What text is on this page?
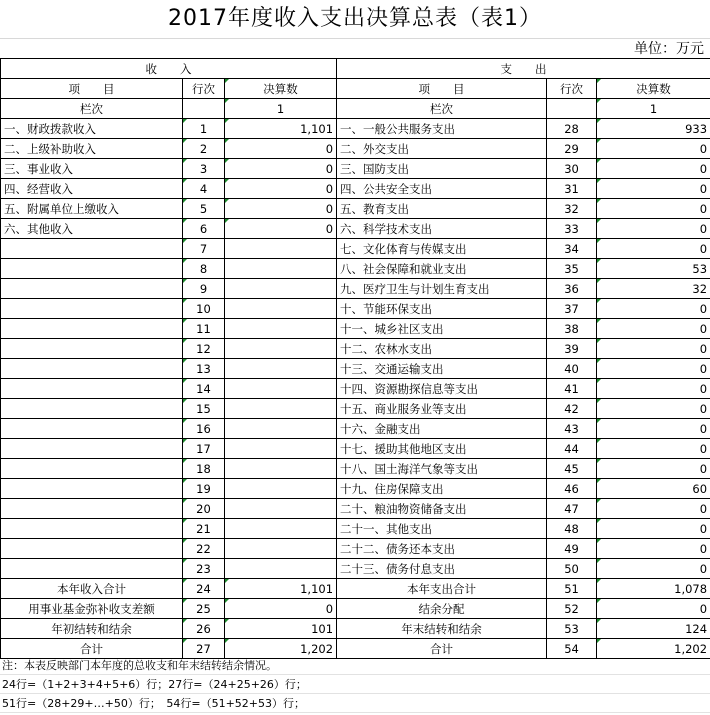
2017年度收入支出决算总表（表1）
单位：万元
收　　入			支　　出		
项　　目	行次	决算数	项　　目	行次	决算数
栏次		1	栏次		1
一、财政拨款收入	1	1,101	一、一般公共服务支出	28	933
二、上级补助收入	2	0	二、外交支出	29	0
三、事业收入	3	0	三、国防支出	30	0
四、经营收入	4	0	四、公共安全支出	31	0
五、附属单位上缴收入	5	0	五、教育支出	32	0
六、其他收入	6	0	六、科学技术支出	33	0
	7		七、文化体育与传媒支出	34	0
	8		八、社会保障和就业支出	35	53
	9		九、医疗卫生与计划生育支出	36	32
	10		十、节能环保支出	37	0
	11		十一、城乡社区支出	38	0
	12		十二、农林水支出	39	0
	13		十三、交通运输支出	40	0
	14		十四、资源勘探信息等支出	41	0
	15		十五、商业服务业等支出	42	0
	16		十六、金融支出	43	0
	17		十七、援助其他地区支出	44	0
	18		十八、国土海洋气象等支出	45	0
	19		十九、住房保障支出	46	60
	20		二十、粮油物资储备支出	47	0
	21		二十一、其他支出	48	0
	22		二十二、债务还本支出	49	0
	23		二十三、债务付息支出	50	0
本年收入合计	24	1,101	本年支出合计	51	1,078
用事业基金弥补收支差额	25	0	结余分配	52	0
年初结转和结余	26	101	年末结转和结余	53	124
合计	27	1,202	合计	54	1,202
注：本表反映部门本年度的总收支和年末结转结余情况。
24行=（1+2+3+4+5+6）行；27行=（24+25+26）行；
51行=（28+29+…+50）行；　54行=（51+52+53）行；
